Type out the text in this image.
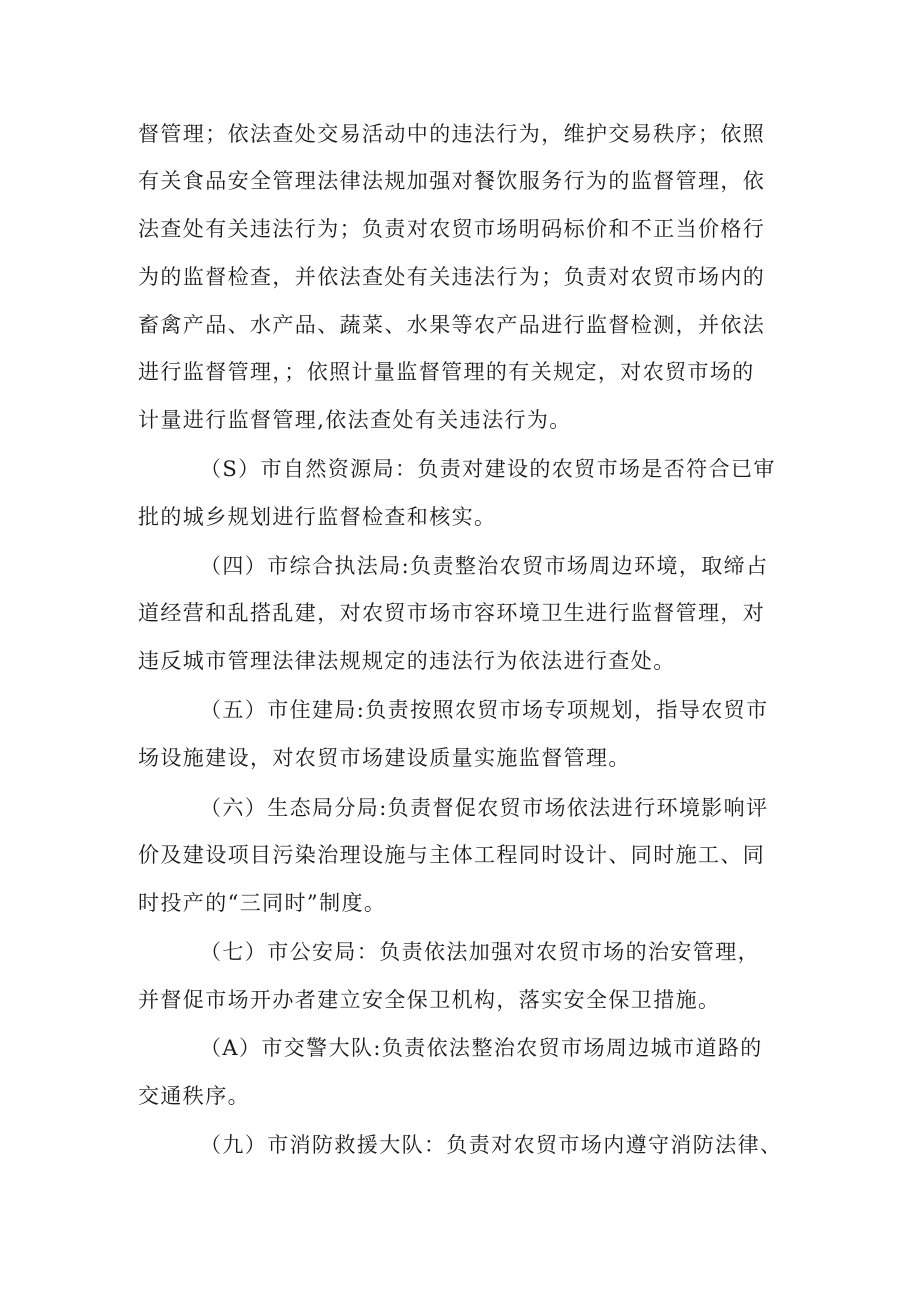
督管理；依法查处交易活动中的违法行为，维护交易秩序；依照
有关食品安全管理法律法规加强对餐饮服务行为的监督管理，依
法查处有关违法行为；负责对农贸市场明码标价和不正当价格行
为的监督检查，并依法查处有关违法行为；负责对农贸市场内的
畜禽产品、水产品、蔬菜、水果等农产品进行监督检测，并依法
进行监督管理，；依照计量监督管理的有关规定，对农贸市场的
计量进行监督管理,依法查处有关违法行为。
（S）市自然资源局：负责对建设的农贸市场是否符合已审
批的城乡规划进行监督检查和核实。
（四）市综合执法局:负责整治农贸市场周边环境，取缔占
道经营和乱搭乱建，对农贸市场市容环境卫生进行监督管理，对
违反城市管理法律法规规定的违法行为依法进行查处。
（五）市住建局:负责按照农贸市场专项规划，指导农贸市
场设施建设，对农贸市场建设质量实施监督管理。
（六）生态局分局:负责督促农贸市场依法进行环境影响评
价及建设项目污染治理设施与主体工程同时设计、同时施工、同
时投产的“三同时”制度。
（七）市公安局：负责依法加强对农贸市场的治安管理，
并督促市场开办者建立安全保卫机构，落实安全保卫措施。
（A）市交警大队:负责依法整治农贸市场周边城市道路的
交通秩序。
（九）市消防救援大队：负责对农贸市场内遵守消防法律、
